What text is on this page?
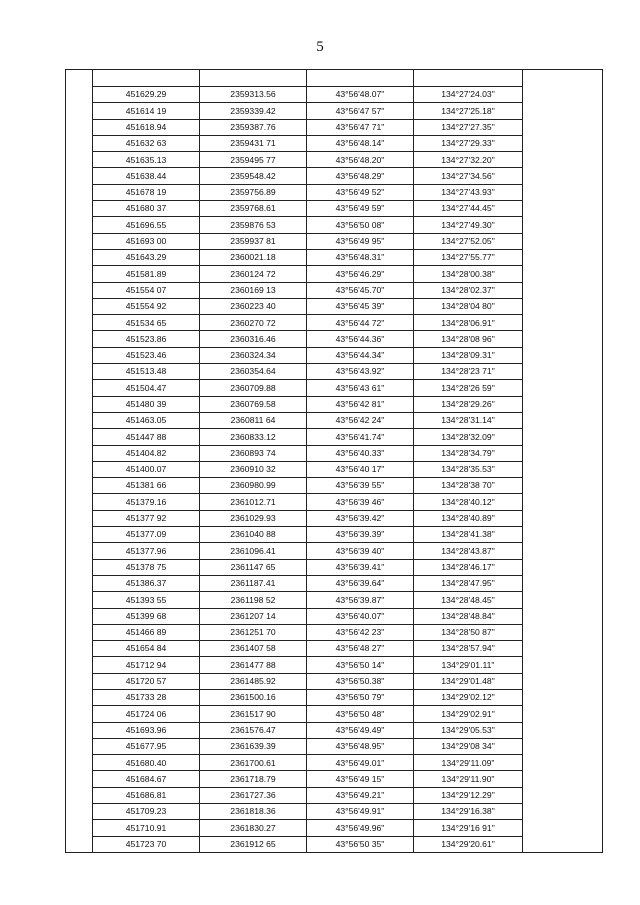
5

	451629.29	2359313.56	43°56'48.07"	134°27'24.03"	
	451614 19	2359339.42	43°56'47 57"	134°27'25.18"	
	451618.94	2359387.76	43°56'47 71"	134°27'27.35"	
	451632 63	2359431 71	43°56'48.14"	134°27'29.33"	
	451635.13	2359495 77	43°56'48.20"	134°27'32.20"	
	451638.44	2359548.42	43°56'48.29"	134°27'34.56"	
	451678 19	2359756.89	43°56'49 52"	134°27'43.93"	
	451680 37	2359768.61	43°56'49 59"	134°27'44.45"	
	451696.55	2359876 53	43°56'50 08"	134°27'49.30"	
	451693 00	2359937 81	43°56'49 95"	134°27'52.05"	
	451643.29	2360021.18	43°56'48.31"	134°27'55.77"	
	451581.89	2360124 72	43°56'46.29"	134°28'00.38"	
	451554 07	2360169 13	43°56'45.70"	134°28'02.37"	
	451554 92	2360223 40	43°56'45 39"	134°28'04 80"	
	451534 65	2360270 72	43°56'44 72"	134°28'06.91"	
	451523.86	2360316.46	43°56'44.36"	134°28'08 96"	
	451523.46	2360324.34	43°56'44.34"	134°28'09.31"	
	451513.48	2360354.64	43°56'43.92"	134°28'23 71"	
	451504.47	2360709.88	43°56'43 61"	134°28'26 59"	
	451480 39	2360769.58	43°56'42 81"	134°28'29.26"	
	451463.05	2360811 64	43°56'42 24"	134°28'31.14"	
	451447 88	2360833.12	43°56'41.74"	134°28'32.09"	
	451404.82	2360893 74	43°56'40.33"	134°28'34.79"	
	451400.07	2360910 32	43°56'40 17"	134°28'35.53"	
	451381 66	2360980.99	43°56'39 55"	134°28'38 70"	
	451379.16	2361012.71	43°56'39 46"	134°28'40.12"	
	451377 92	2361029.93	43°56'39.42"	134°28'40.89"	
	451377.09	2361040 88	43°56'39.39"	134°28'41.38"	
	451377.96	2361096.41	43°56'39 40"	134°28'43.87"	
	451378 75	2361147 65	43°56'39.41"	134°28'46.17"	
	451386.37	2361187.41	43°56'39.64"	134°28'47.95"	
	451393 55	2361198 52	43°56'39.87"	134°28'48.45"	
	451399 68	2361207 14	43°56'40.07"	134°28'48.84"	
	451466 89	2361251 70	43°56'42 23"	134°28'50 87"	
	451654 84	2361407 58	43°56'48 27"	134°28'57.94"	
	451712 94	2361477 88	43°56'50 14"	134°29'01.11"	
	451720 57	2361485.92	43°56'50.38"	134°29'01.48"	
	451733 28	2361500.16	43°56'50 79"	134°29'02.12"	
	451724 06	2361517 90	43°56'50 48"	134°29'02.91"	
	451693.96	2361576.47	43°56'49.49"	134°29'05.53"	
	451677.95	2361639.39	43°56'48.95"	134°29'08 34"	
	451680.40	2361700.61	43°56'49.01"	134°29'11.09"	
	451684.67	2361718.79	43°56'49 15"	134°29'11.90"	
	451686.81	2361727.36	43°56'49.21"	134°29'12.29"	
	451709.23	2361818.36	43°56'49.91"	134°29'16.38"	
	451710.91	2361830.27	43°56'49.96"	134°29'16 91"	
	451723 70	2361912 65	43°56'50 35"	134°29'20.61"	
